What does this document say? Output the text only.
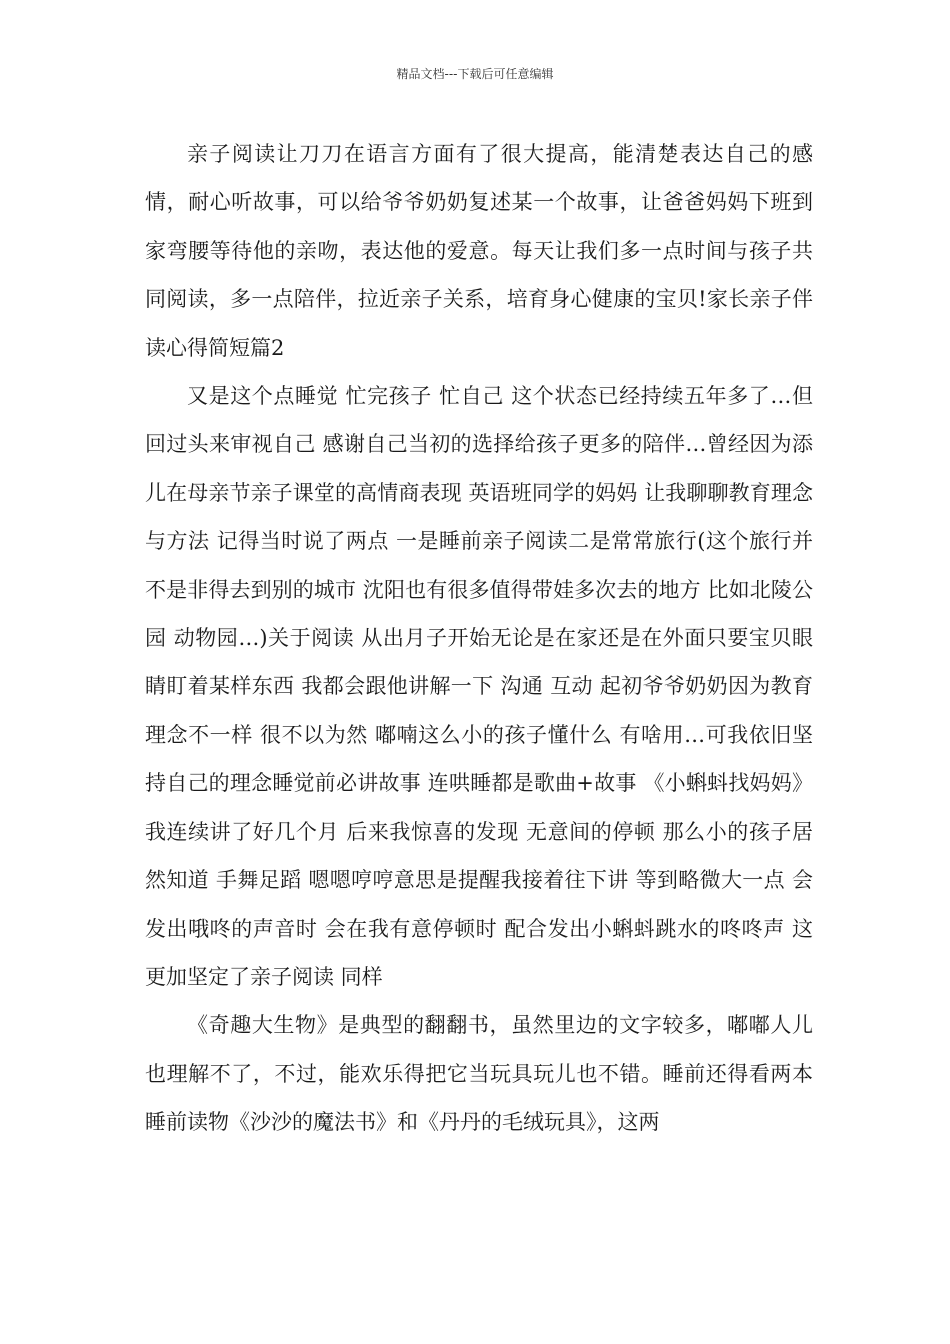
精品文档---下载后可任意编辑

亲子阅读让刀刀在语言方面有了很大提高，能清楚表达自己的感情，耐心听故事，可以给爷爷奶奶复述某一个故事，让爸爸妈妈下班到家弯腰等待他的亲吻，表达他的爱意。每天让我们多一点时间与孩子共同阅读，多一点陪伴，拉近亲子关系，培育身心健康的宝贝!家长亲子伴读心得简短篇2

又是这个点睡觉 忙完孩子 忙自己 这个状态已经持续五年多了…但回过头来审视自己 感谢自己当初的选择给孩子更多的陪伴…曾经因为添儿在母亲节亲子课堂的高情商表现 英语班同学的妈妈 让我聊聊教育理念与方法 记得当时说了两点 一是睡前亲子阅读二是常常旅行(这个旅行并不是非得去到别的城市 沈阳也有很多值得带娃多次去的地方 比如北陵公园 动物园…)关于阅读 从出月子开始无论是在家还是在外面只要宝贝眼睛盯着某样东西 我都会跟他讲解一下 沟通 互动 起初爷爷奶奶因为教育理念不一样 很不以为然 嘟喃这么小的孩子懂什么 有啥用…可我依旧坚持自己的理念睡觉前必讲故事 连哄睡都是歌曲+故事 《小蝌蚪找妈妈》我连续讲了好几个月 后来我惊喜的发现 无意间的停顿 那么小的孩子居然知道 手舞足蹈 嗯嗯哼哼意思是提醒我接着往下讲 等到略微大一点 会发出哦咚的声音时 会在我有意停顿时 配合发出小蝌蚪跳水的咚咚声 这更加坚定了亲子阅读 同样

《奇趣大生物》是典型的翻翻书，虽然里边的文字较多，嘟嘟人儿也理解不了，不过，能欢乐得把它当玩具玩儿也不错。睡前还得看两本睡前读物《沙沙的魔法书》和《丹丹的毛绒玩具》，这两
